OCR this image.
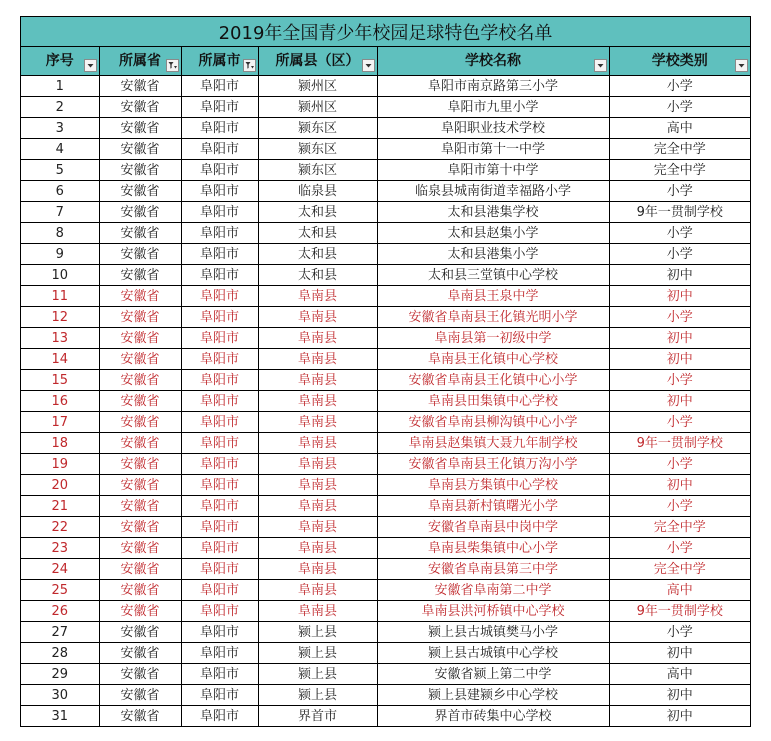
2019年全国青少年校园足球特色学校名单
序号	所属省	所属市	所属县（区）	学校名称	学校类别

1	安徽省	阜阳市	颍州区	阜阳市南京路第三小学	小学
2	安徽省	阜阳市	颍州区	阜阳市九里小学	小学
3	安徽省	阜阳市	颍东区	阜阳职业技术学校	高中
4	安徽省	阜阳市	颍东区	阜阳市第十一中学	完全中学
5	安徽省	阜阳市	颍东区	阜阳市第十中学	完全中学
6	安徽省	阜阳市	临泉县	临泉县城南街道幸福路小学	小学
7	安徽省	阜阳市	太和县	太和县港集学校	9年一贯制学校
8	安徽省	阜阳市	太和县	太和县赵集小学	小学
9	安徽省	阜阳市	太和县	太和县港集小学	小学
10	安徽省	阜阳市	太和县	太和县三堂镇中心学校	初中
11	安徽省	阜阳市	阜南县	阜南县王泉中学	初中
12	安徽省	阜阳市	阜南县	安徽省阜南县王化镇光明小学	小学
13	安徽省	阜阳市	阜南县	阜南县第一初级中学	初中
14	安徽省	阜阳市	阜南县	阜南县王化镇中心学校	初中
15	安徽省	阜阳市	阜南县	安徽省阜南县王化镇中心小学	小学
16	安徽省	阜阳市	阜南县	阜南县田集镇中心学校	初中
17	安徽省	阜阳市	阜南县	安徽省阜南县柳沟镇中心小学	小学
18	安徽省	阜阳市	阜南县	阜南县赵集镇大聂九年制学校	9年一贯制学校
19	安徽省	阜阳市	阜南县	安徽省阜南县王化镇万沟小学	小学
20	安徽省	阜阳市	阜南县	阜南县方集镇中心学校	初中
21	安徽省	阜阳市	阜南县	阜南县新村镇曙光小学	小学
22	安徽省	阜阳市	阜南县	安徽省阜南县中岗中学	完全中学
23	安徽省	阜阳市	阜南县	阜南县柴集镇中心小学	小学
24	安徽省	阜阳市	阜南县	安徽省阜南县第三中学	完全中学
25	安徽省	阜阳市	阜南县	安徽省阜南第二中学	高中
26	安徽省	阜阳市	阜南县	阜南县洪河桥镇中心学校	9年一贯制学校
27	安徽省	阜阳市	颍上县	颍上县古城镇樊马小学	小学
28	安徽省	阜阳市	颍上县	颍上县古城镇中心学校	初中
29	安徽省	阜阳市	颍上县	安徽省颍上第二中学	高中
30	安徽省	阜阳市	颍上县	颍上县建颍乡中心学校	初中
31	安徽省	阜阳市	界首市	界首市砖集中心学校	初中
